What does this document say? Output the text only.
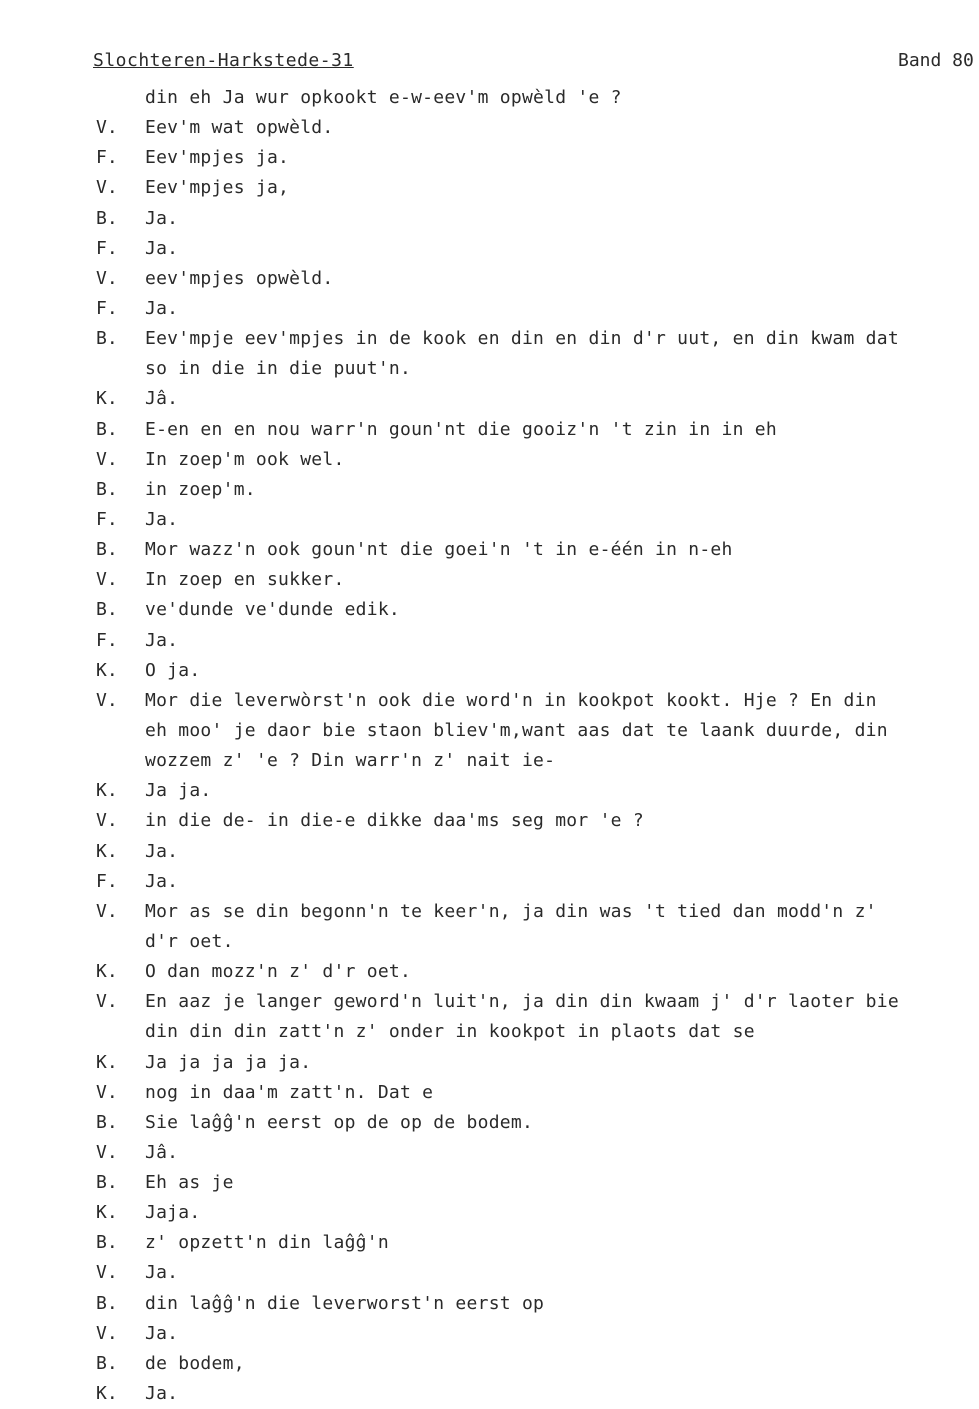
Slochteren-Harkstede-31	Band 80
din eh Ja wur opkookt e-w-eev'm opwèld 'e ?
V. Eev'm wat opwèld.
F. Eev'mpjes ja.
V. Eev'mpjes ja,
B. Ja.
F. Ja.
V. eev'mpjes opwèld.
F. Ja.
B. Eev'mpje eev'mpjes in de kook en din en din d'r uut, en din kwam dat
so in die in die puut'n.
K. Jâ.
B. E-en en en nou warr'n goun'nt die gooiz'n 't zin in in eh
V. In zoep'm ook wel.
B. in zoep'm.
F. Ja.
B. Mor wazz'n ook goun'nt die goei'n 't in e-één in n-eh
V. In zoep en sukker.
B. ve'dunde ve'dunde edik.
F. Ja.
K. O ja.
V. Mor die leverwòrst'n ook die word'n in kookpot kookt. Hje ? En din
eh moo' je daor bie staon bliev'm,want aas dat te laank duurde, din
wozzem z' 'e ? Din warr'n z' nait ie-
K. Ja ja.
V. in die de- in die-e dikke daa'ms seg mor 'e ?
K. Ja.
F. Ja.
V. Mor as se din begonn'n te keer'n, ja din was 't tied dan modd'n z'
d'r oet.
K. O dan mozz'n z' d'r oet.
V. En aaz je langer geword'n luit'n, ja din din kwaam j' d'r laoter bie
din din din zatt'n z' onder in kookpot in plaots dat se
K. Ja ja ja ja ja.
V. nog in daa'm zatt'n. Dat e
B. Sie laĝĝ'n eerst op de op de bodem.
V. Jâ.
B. Eh as je
K. Jaja.
B. z' opzett'n din laĝĝ'n
V. Ja.
B. din laĝĝ'n die leverworst'n eerst op
V. Ja.
B. de bodem,
K. Ja.
